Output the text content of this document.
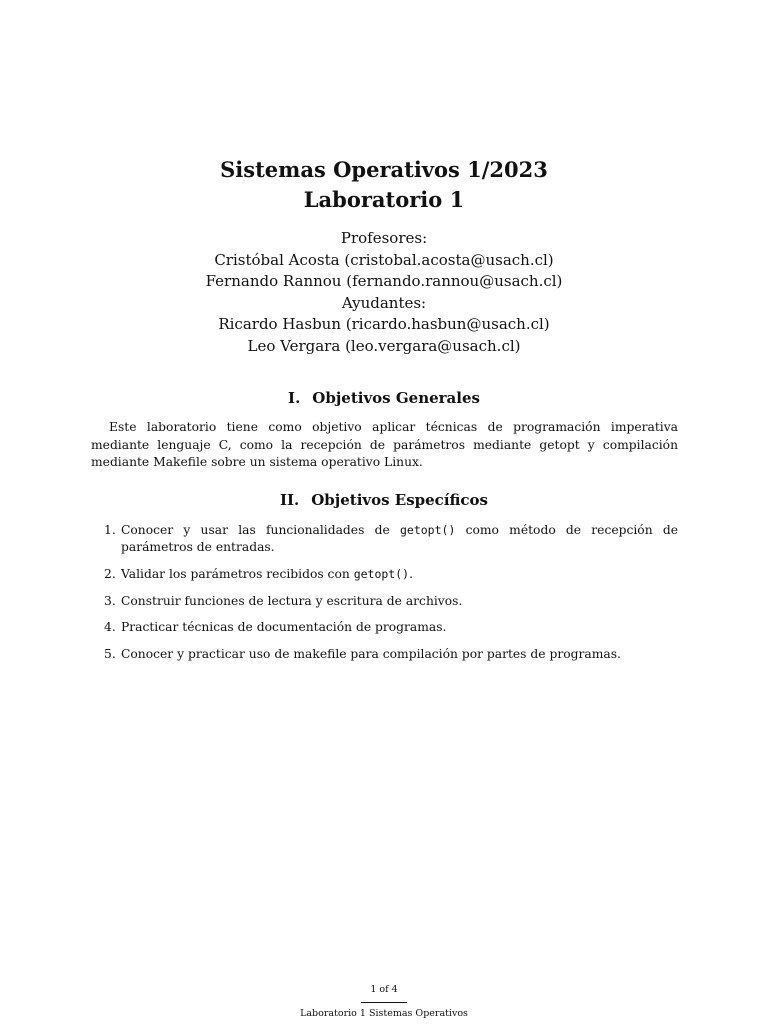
Sistemas Operativos 1/2023
Laboratorio 1
Profesores:
Cristóbal Acosta (cristobal.acosta@usach.cl)
Fernando Rannou (fernando.rannou@usach.cl)
Ayudantes:
Ricardo Hasbun (ricardo.hasbun@usach.cl)
Leo Vergara (leo.vergara@usach.cl)
I. Objetivos Generales
Este laboratorio tiene como objetivo aplicar técnicas de programación imperativa mediante lenguaje C, como la recepción de parámetros mediante getopt y compilación mediante Makefile sobre un sistema operativo Linux.
II. Objetivos Específicos
1. Conocer y usar las funcionalidades de getopt() como método de recepción de parámetros de entradas.
2. Validar los parámetros recibidos con getopt().
3. Construir funciones de lectura y escritura de archivos.
4. Practicar técnicas de documentación de programas.
5. Conocer y practicar uso de makefile para compilación por partes de programas.
1 of 4
Laboratorio 1 Sistemas Operativos
